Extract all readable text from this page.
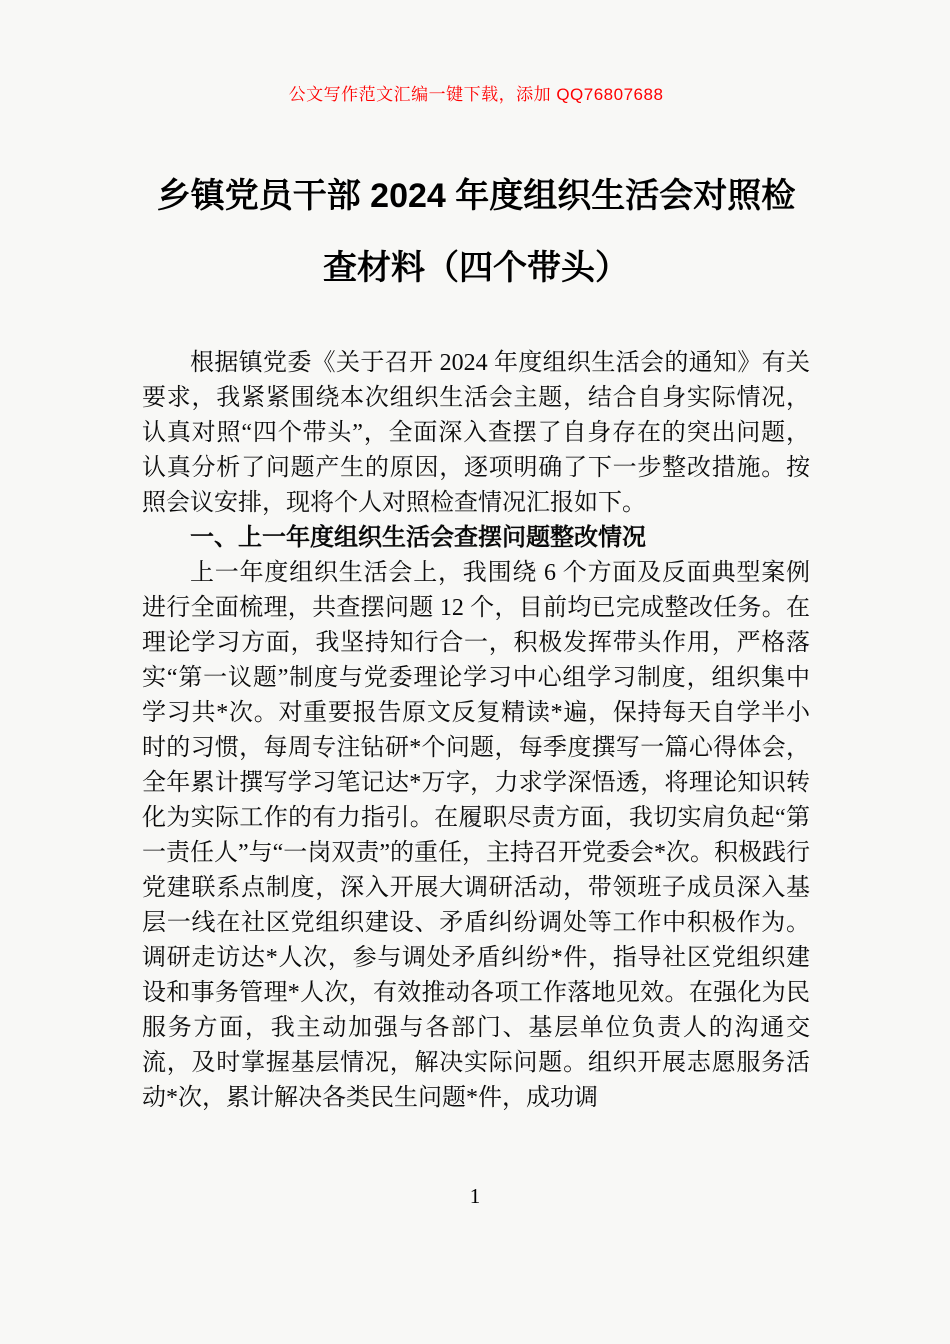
公文写作范文汇编一键下载，添加 QQ76807688
乡镇党员干部 2024 年度组织生活会对照检
查材料（四个带头）

根据镇党委《关于召开 2024 年度组织生活会的通知》有关要求，我紧紧围绕本次组织生活会主题，结合自身实际情况，认真对照“四个带头”，全面深入查摆了自身存在的突出问题，认真分析了问题产生的原因，逐项明确了下一步整改措施。按照会议安排，现将个人对照检查情况汇报如下。

一、上一年度组织生活会查摆问题整改情况

上一年度组织生活会上，我围绕 6 个方面及反面典型案例进行全面梳理，共查摆问题 12 个，目前均已完成整改任务。在理论学习方面，我坚持知行合一，积极发挥带头作用，严格落实“第一议题”制度与党委理论学习中心组学习制度，组织集中学习共*次。对重要报告原文反复精读*遍，保持每天自学半小时的习惯，每周专注钻研*个问题，每季度撰写一篇心得体会，全年累计撰写学习笔记达*万字，力求学深悟透，将理论知识转化为实际工作的有力指引。在履职尽责方面，我切实肩负起“第一责任人”与“一岗双责”的重任，主持召开党委会*次。积极践行党建联系点制度，深入开展大调研活动，带领班子成员深入基层一线在社区党组织建设、矛盾纠纷调处等工作中积极作为。调研走访达*人次，参与调处矛盾纠纷*件，指导社区党组织建设和事务管理*人次，有效推动各项工作落地见效。在强化为民服务方面，我主动加强与各部门、基层单位负责人的沟通交流，及时掌握基层情况，解决实际问题。组织开展志愿服务活动*次，累计解决各类民生问题*件，成功调

1
